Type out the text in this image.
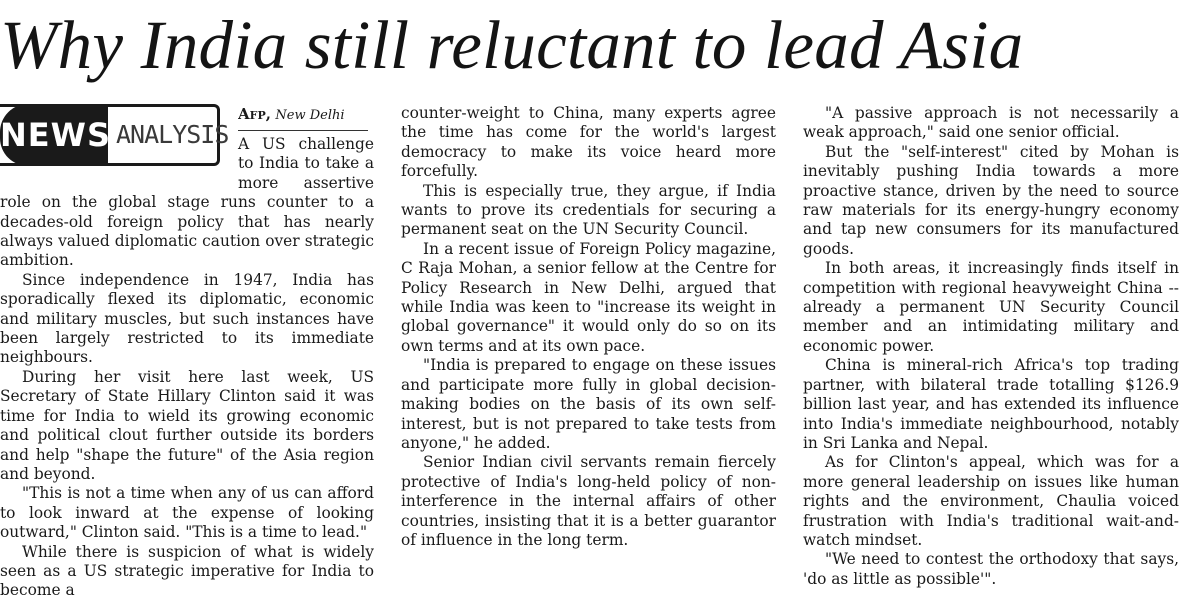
Why India still reluctant to lead Asia
NEWS ANALYSIS
Afp, New Delhi

A US challenge to India to take a more assertive role on the global stage runs counter to a decades-old foreign policy that has nearly always valued diplomatic caution over strategic ambition.

Since independence in 1947, India has sporadically flexed its diplomatic, economic and military muscles, but such instances have been largely restricted to its immediate neighbours.

During her visit here last week, US Secretary of State Hillary Clinton said it was time for India to wield its growing economic and political clout further outside its borders and help "shape the future" of the Asia region and beyond.

"This is not a time when any of us can afford to look inward at the expense of looking outward," Clinton said. "This is a time to lead."

While there is suspicion of what is widely seen as a US strategic imperative for India to become a

counter-weight to China, many experts agree the time has come for the world's largest democracy to make its voice heard more forcefully.

This is especially true, they argue, if India wants to prove its credentials for securing a permanent seat on the UN Security Council.

In a recent issue of Foreign Policy magazine, C Raja Mohan, a senior fellow at the Centre for Policy Research in New Delhi, argued that while India was keen to "increase its weight in global governance" it would only do so on its own terms and at its own pace.

"India is prepared to engage on these issues and participate more fully in global decision-making bodies on the basis of its own self-interest, but is not prepared to take tests from anyone," he added.

Senior Indian civil servants remain fiercely protective of India's long-held policy of non-interference in the internal affairs of other countries, insisting that it is a better guarantor of influence in the long term.

"A passive approach is not necessarily a weak approach," said one senior official.

But the "self-interest" cited by Mohan is inevitably pushing India towards a more proactive stance, driven by the need to source raw materials for its energy-hungry economy and tap new consumers for its manufactured goods.

In both areas, it increasingly finds itself in competition with regional heavyweight China -- already a permanent UN Security Council member and an intimidating military and economic power.

China is mineral-rich Africa's top trading partner, with bilateral trade totalling $126.9 billion last year, and has extended its influence into India's immediate neighbourhood, notably in Sri Lanka and Nepal.

As for Clinton's appeal, which was for a more general leadership on issues like human rights and the environment, Chaulia voiced frustration with India's traditional wait-and-watch mindset.

"We need to contest the orthodoxy that says, 'do as little as possible'".
